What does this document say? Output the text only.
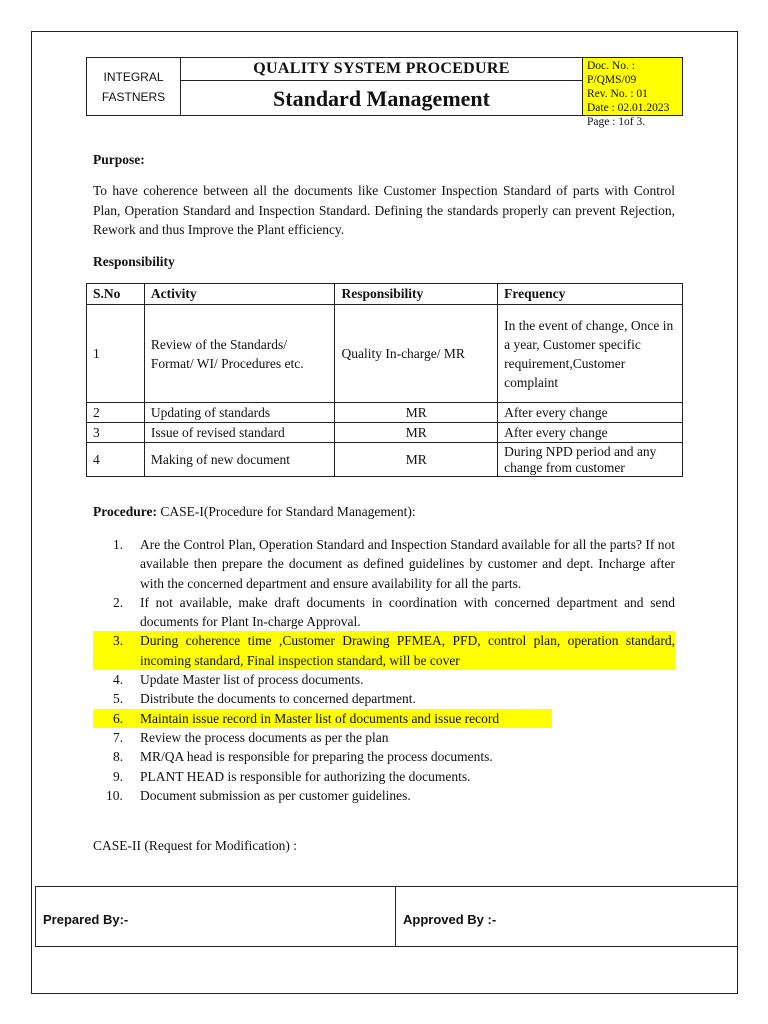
INTEGRAL
FASTNERS
QUALITY SYSTEM PROCEDURE
Standard Management
Doc. No. : P/QMS/09
Rev. No. : 01
Date : 02.01.2023
Page : 1of 3.
Purpose:
To have coherence between all the documents like Customer Inspection Standard of parts with Control Plan, Operation Standard and Inspection Standard. Defining the standards properly can prevent Rejection, Rework and thus Improve the Plant efficiency.
Responsibility
S.No	Activity	Responsibility	Frequency
1	Review of the Standards/ Format/ WI/ Procedures etc.	Quality In-charge/ MR	In the event of change, Once in a year, Customer specific requirement,Customer complaint
2	Updating of standards	MR	After every change
3	Issue of revised standard	MR	After every change
4	Making of new document	MR	During NPD period and any change from customer
Procedure: CASE-I(Procedure for Standard Management):
1. Are the Control Plan, Operation Standard and Inspection Standard available for all the parts? If not available then prepare the document as defined guidelines by customer and dept. Incharge after with the concerned department and ensure availability for all the parts.
2. If not available, make draft documents in coordination with concerned department and send documents for Plant In-charge Approval.
3. During coherence time ,Customer Drawing PFMEA, PFD, control plan, operation standard, incoming standard, Final inspection standard, will be cover
4. Update Master list of process documents.
5. Distribute the documents to concerned department.
6. Maintain issue record in Master list of documents and issue record
7. Review the process documents as per the plan
8. MR/QA head is responsible for preparing the process documents.
9. PLANT HEAD is responsible for authorizing the documents.
10. Document submission as per customer guidelines.
CASE-II (Request for Modification) :
Prepared By:-	Approved By :-
